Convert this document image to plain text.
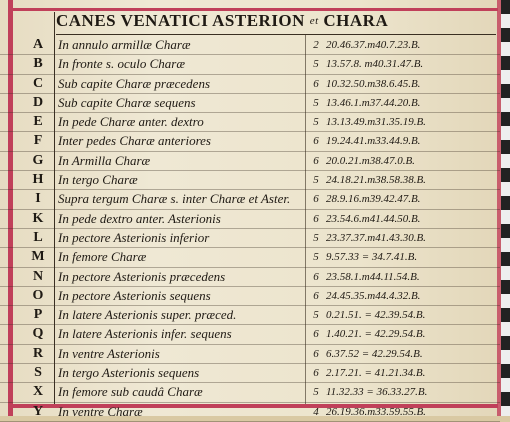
CANES VENATICI ASTERION $^{et}$ CHARA
A	In annulo armillæ Charæ	2 20.46.37.m40.7.23.B.
B	In fronte s. oculo Charæ	5 13.57.8. m40.31.47.B.
C	Sub capite Charæ præcedens	6 10.32.50.m38.6.45.B.
D	Sub capite Charæ sequens	5 13.46.1.m37.44.20.B.
E	In pede Charæ anter. dextro	5 13.13.49.m31.35.19.B.
F	Inter pedes Charæ anteriores	6 19.24.41.m33.44.9.B.
G	In Armilla Charæ	6 20.0.21.m38.47.0.B.
H	In tergo Charæ	5 24.18.21.m38.58.38.B.
I	Supra tergum Charæ s. inter Charæ et Aster.	6 28.9.16.m39.42.47.B.
K	In pede dextro anter. Asterionis	6 23.54.6.m41.44.50.B.
L	In pectore Asterionis inferior	5 23.37.37.m41.43.30.B.
M	In femore Charæ	5 9.57.33 = 34.7.41.B.
N	In pectore Asterionis præcedens	6 23.58.1.m44.11.54.B.
O	In pectore Asterionis sequens	6 24.45.35.m44.4.32.B.
P	In latere Asterionis super. præced.	5 0.21.51. = 42.39.54.B.
Q	In latere Asterionis infer. sequens	6 1.40.21. = 42.29.54.B.
R	In ventre Asterionis	6 6.37.52 = 42.29.54.B.
S	In tergo Asterionis sequens	6 2.17.21. = 41.21.34.B.
X	In femore sub caudâ Charæ	5 11.32.33 = 36.33.27.B.
Y	In ventre Charæ	4 26.19.36.m33.59.55.B.
